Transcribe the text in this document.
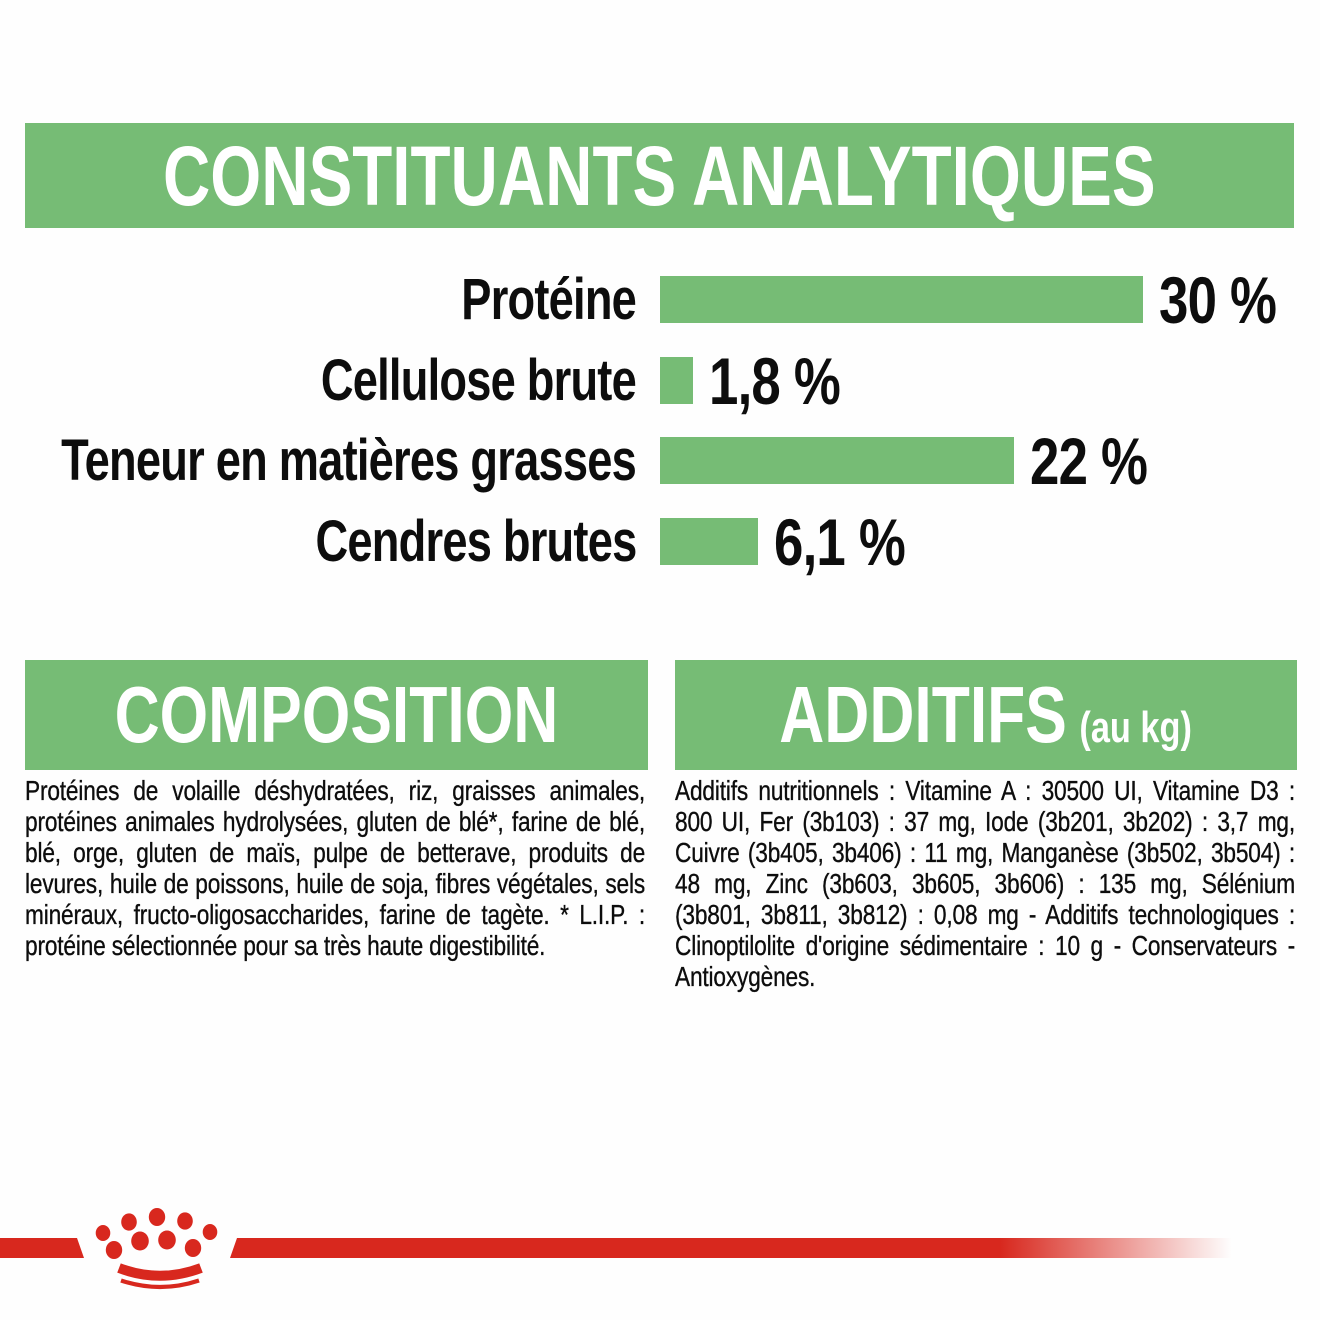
CONSTITUANTS ANALYTIQUES
Protéine	30 %
Cellulose brute 1,8 %
Teneur en matières grasses	22 %
Cendres brutes 6,1 %
COMPOSITION
Protéines de volaille déshydratées, riz, graisses animales, protéines animales hydrolysées, gluten de blé*, farine de blé, blé, orge, gluten de maïs, pulpe de betterave, produits de levures, huile de poissons, huile de soja, fibres végétales, sels minéraux, fructo-oligosaccharides, farine de tagète. * L.I.P. : protéine sélectionnée pour sa très haute digestibilité.
ADDITIFS (au kg)
Additifs nutritionnels : Vitamine A : 30500 UI, Vitamine D3 : 800 UI, Fer (3b103) : 37 mg, Iode (3b201, 3b202) : 3,7 mg, Cuivre (3b405, 3b406) : 11 mg, Manganèse (3b502, 3b504) : 48 mg, Zinc (3b603, 3b605, 3b606) : 135 mg, Sélénium (3b801, 3b811, 3b812) : 0,08 mg - Additifs technologiques : Clinoptilolite d'origine sédimentaire : 10 g - Conservateurs - Antioxygènes.
